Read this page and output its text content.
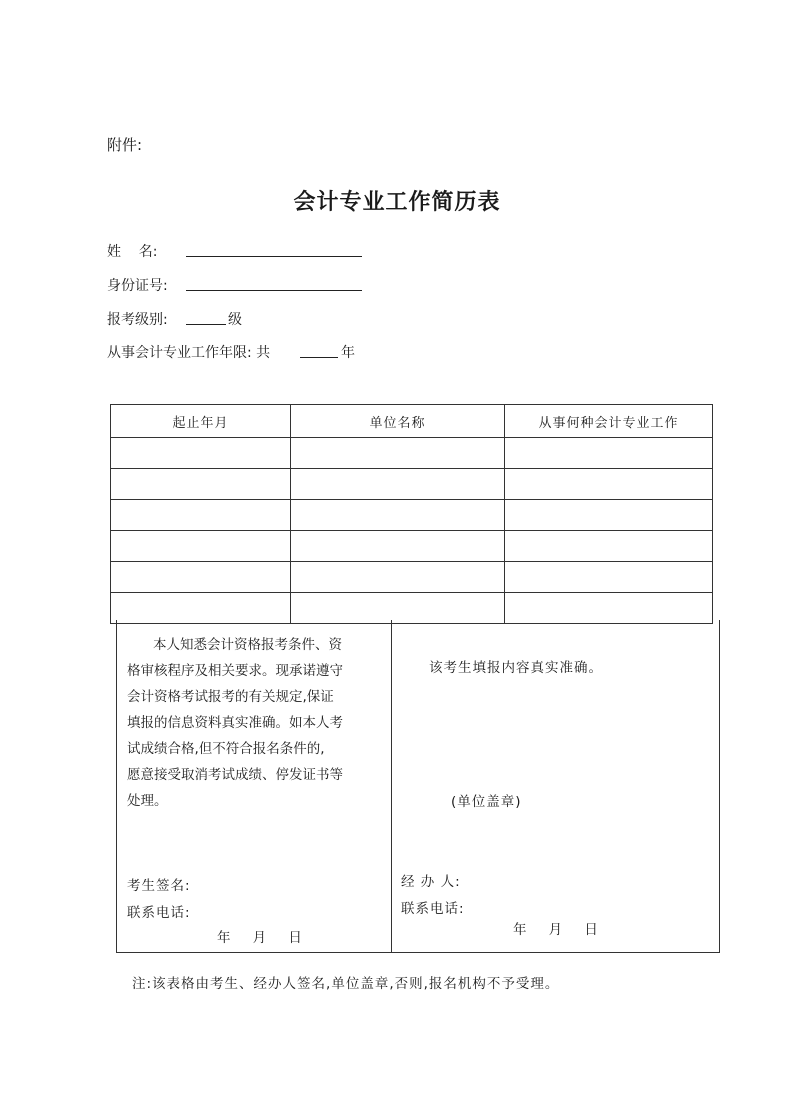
附件:
会计专业工作简历表
姓    名:
身份证号:
报考级别:	级
从事会计专业工作年限: 共	年
起止年月	单位名称	从事何种会计专业工作

本人知悉会计资格报考条件、资
格审核程序及相关要求。现承诺遵守
会计资格考试报考的有关规定,保证
填报的信息资料真实准确。如本人考
试成绩合格,但不符合报名条件的,
愿意接受取消考试成绩、停发证书等
处理。
考生签名:
联系电话:
年    月    日
该考生填报内容真实准确。
(单位盖章)
经 办 人:
联系电话:
年    月    日
注:该表格由考生、经办人签名,单位盖章,否则,报名机构不予受理。
